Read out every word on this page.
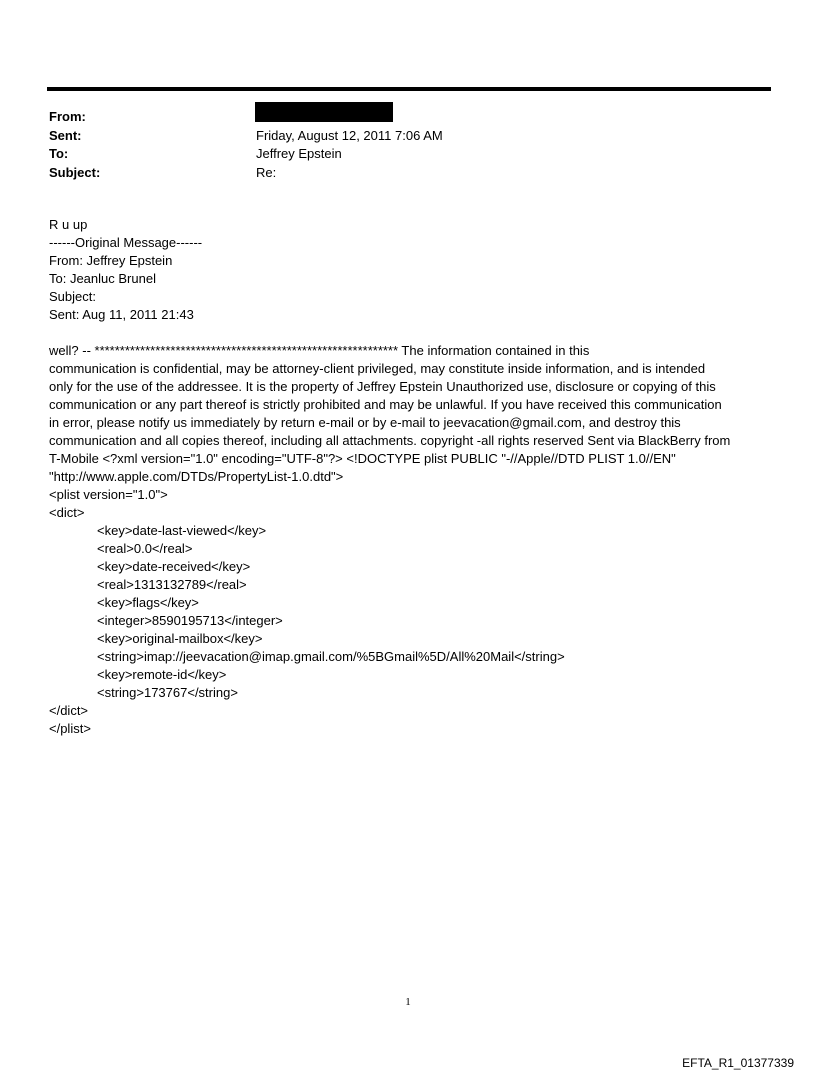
From:
Sent:	Friday, August 12, 2011 7:06 AM
To:	Jeffrey Epstein
Subject:	Re:
R u up
------Original Message------
From: Jeffrey Epstein
To: Jeanluc Brunel
Subject:
Sent: Aug 11, 2011 21:43
well? -- ************************************************************ The information contained in this
communication is confidential, may be attorney-client privileged, may constitute inside information, and is intended
only for the use of the addressee. It is the property of Jeffrey Epstein Unauthorized use, disclosure or copying of this
communication or any part thereof is strictly prohibited and may be unlawful. If you have received this communication
in error, please notify us immediately by return e-mail or by e-mail to jeevacation@gmail.com, and destroy this
communication and all copies thereof, including all attachments. copyright -all rights reserved Sent via BlackBerry from
T-Mobile <?xml version="1.0" encoding="UTF-8"?> <!DOCTYPE plist PUBLIC "-//Apple//DTD PLIST 1.0//EN"
"http://www.apple.com/DTDs/PropertyList-1.0.dtd">
<plist version="1.0">
<dict>
<key>date-last-viewed</key>
<real>0.0</real>
<key>date-received</key>
<real>1313132789</real>
<key>flags</key>
<integer>8590195713</integer>
<key>original-mailbox</key>
<string>imap://jeevacation@imap.gmail.com/%5BGmail%5D/All%20Mail</string>
<key>remote-id</key>
<string>173767</string>
</dict>
</plist>
1
EFTA_R1_01377339
